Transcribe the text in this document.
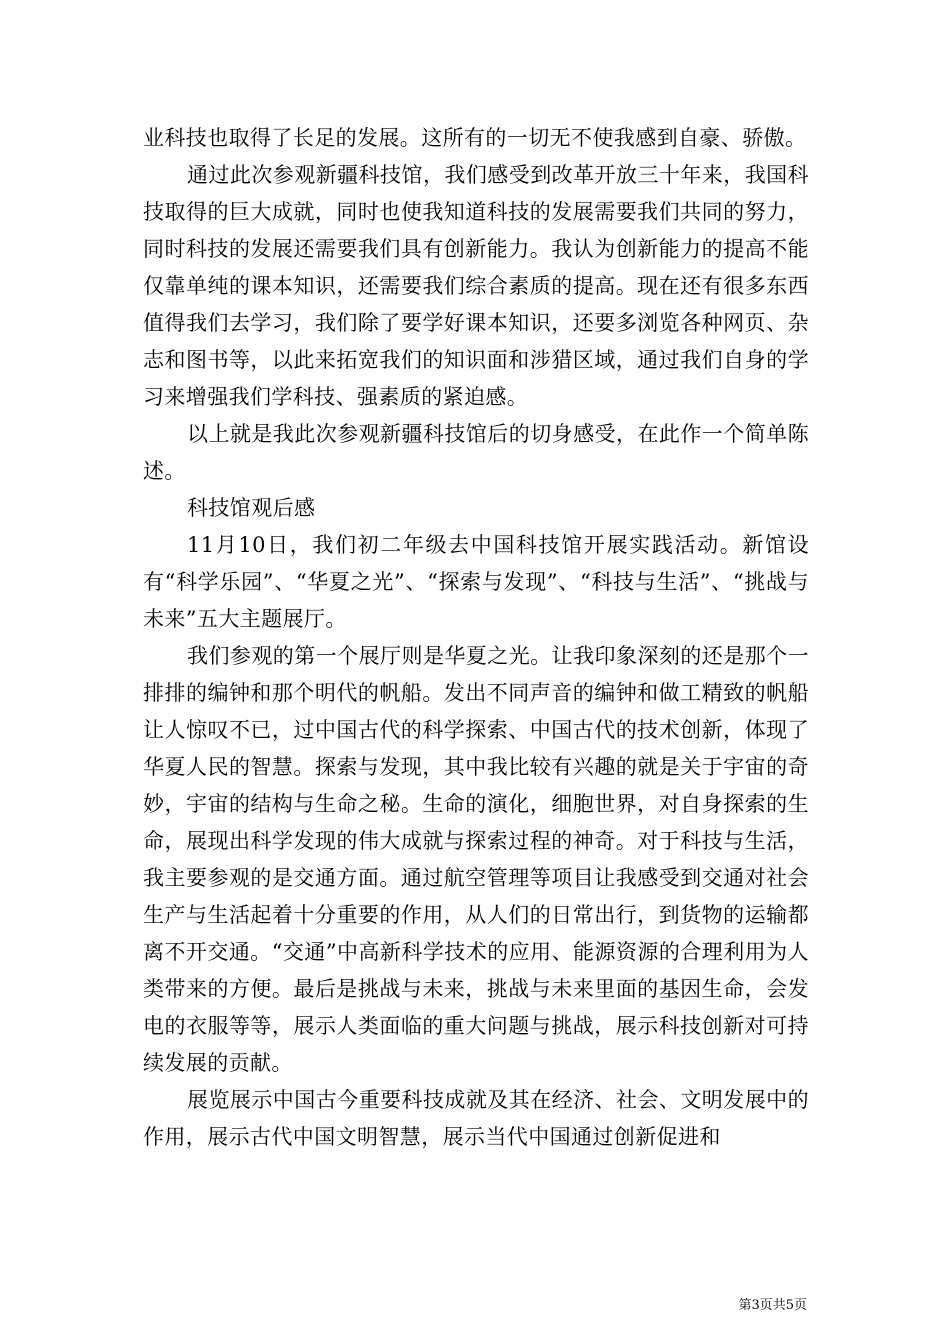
业科技也取得了长足的发展。这所有的一切无不使我感到自豪、骄傲。

通过此次参观新疆科技馆，我们感受到改革开放三十年来，我国科技取得的巨大成就，同时也使我知道科技的发展需要我们共同的努力，同时科技的发展还需要我们具有创新能力。我认为创新能力的提高不能仅靠单纯的课本知识，还需要我们综合素质的提高。现在还有很多东西值得我们去学习，我们除了要学好课本知识，还要多浏览各种网页、杂志和图书等，以此来拓宽我们的知识面和涉猎区域，通过我们自身的学习来增强我们学科技、强素质的紧迫感。

以上就是我此次参观新疆科技馆后的切身感受，在此作一个简单陈述。

科技馆观后感

11月10日，我们初二年级去中国科技馆开展实践活动。新馆设有“科学乐园”、“华夏之光”、“探索与发现”、“科技与生活”、“挑战与未来”五大主题展厅。

我们参观的第一个展厅则是华夏之光。让我印象深刻的还是那个一排排的编钟和那个明代的帆船。发出不同声音的编钟和做工精致的帆船让人惊叹不已，过中国古代的科学探索、中国古代的技术创新，体现了华夏人民的智慧。探索与发现，其中我比较有兴趣的就是关于宇宙的奇妙，宇宙的结构与生命之秘。生命的演化，细胞世界，对自身探索的生命，展现出科学发现的伟大成就与探索过程的神奇。对于科技与生活，我主要参观的是交通方面。通过航空管理等项目让我感受到交通对社会生产与生活起着十分重要的作用，从人们的日常出行，到货物的运输都离不开交通。“交通”中高新科学技术的应用、能源资源的合理利用为人类带来的方便。最后是挑战与未来，挑战与未来里面的基因生命，会发电的衣服等等，展示人类面临的重大问题与挑战，展示科技创新对可持续发展的贡献。

展览展示中国古今重要科技成就及其在经济、社会、文明发展中的作用，展示古代中国文明智慧，展示当代中国通过创新促进和

第3页共5页
